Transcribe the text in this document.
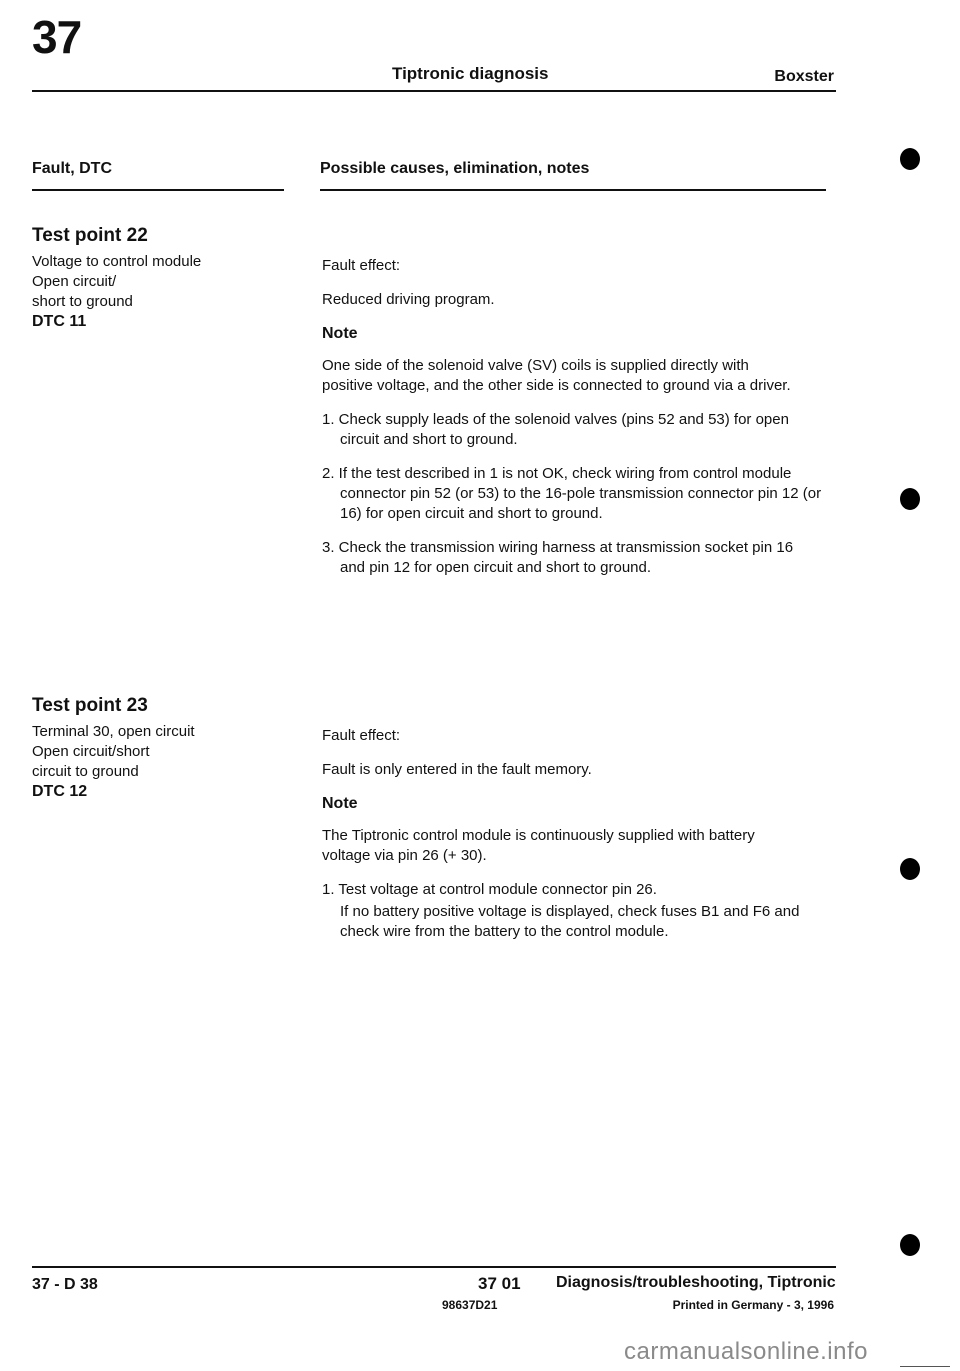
37
Tiptronic diagnosis	Boxster
Fault, DTC	Possible causes, elimination, notes
Test point 22
Voltage to control module
Open circuit/
short to ground
DTC 11

Fault effect:

Reduced driving program.

Note

One side of the solenoid valve (SV) coils is supplied directly with positive voltage, and the other side is connected to ground via a driver.

1. Check supply leads of the solenoid valves (pins 52 and 53) for open circuit and short to ground.

2. If the test described in 1 is not OK, check wiring from control module connector pin 52 (or 53) to the 16-pole transmission connector pin 12 (or 16) for open circuit and short to ground.

3. Check the transmission wiring harness at transmission socket pin 16 and pin 12 for open circuit and short to ground.

Test point 23
Terminal 30, open circuit
Open circuit/short
circuit to ground
DTC 12

Fault effect:

Fault is only entered in the fault memory.

Note

The Tiptronic control module is continuously supplied with battery voltage via pin 26 (+ 30).

1. Test voltage at control module connector pin 26.
If no battery positive voltage is displayed, check fuses B1 and F6 and check wire from the battery to the control module.
37 - D 38	37 01 Diagnosis/troubleshooting, Tiptronic
98637D21	Printed in Germany - 3, 1996
carmanualsonline.info
